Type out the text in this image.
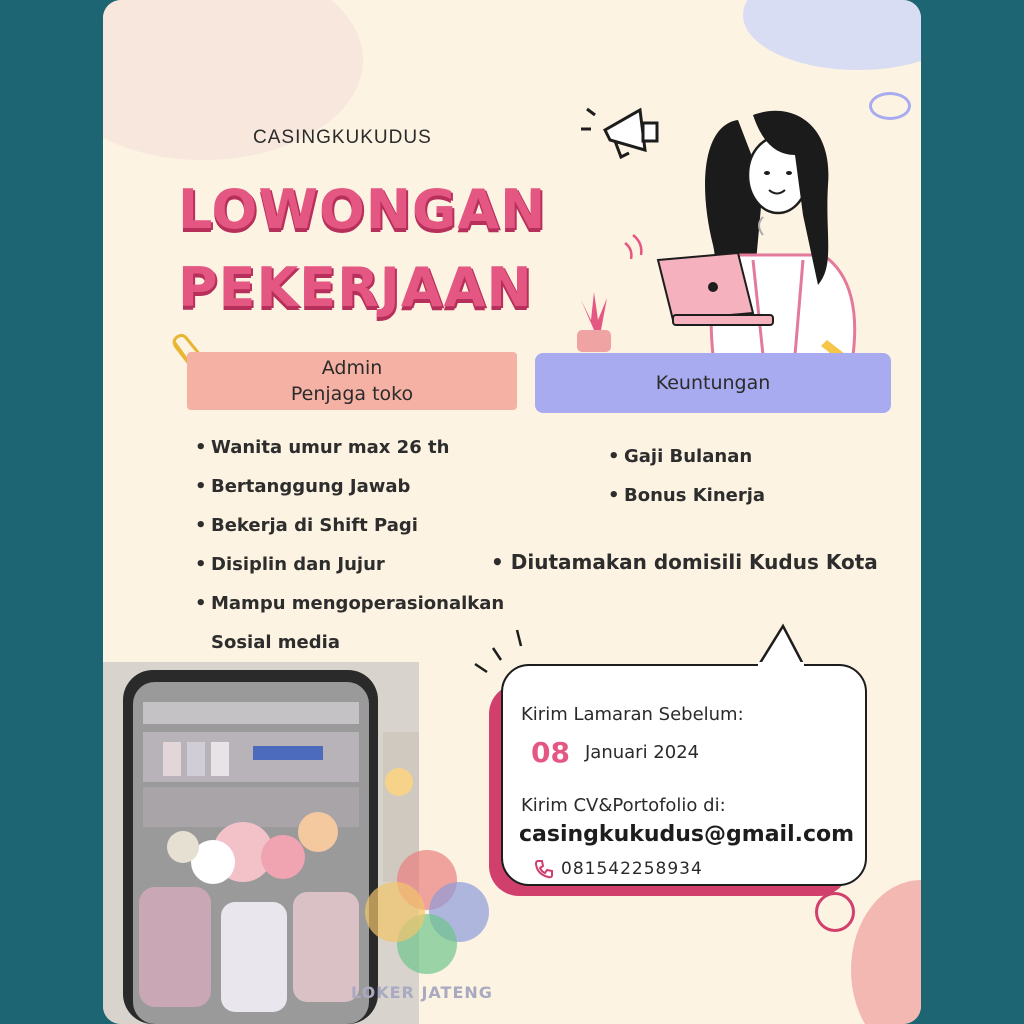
CASINGKUKUDUS
LOWONGAN
PEKERJAAN
Admin
Penjaga toko	Keuntungan
• Wanita umur max 26 th
• Bertanggung Jawab
• Bekerja di Shift Pagi
• Disiplin dan Jujur
• Mampu mengoperasionalkan
Sosial media
• Gaji Bulanan
• Bonus Kinerja
• Diutamakan domisili Kudus Kota
Kirim Lamaran Sebelum:
08 Januari 2024
Kirim CV&Portofolio di:
casingkukudus@gmail.com
081542258934
LOKER JATENG
